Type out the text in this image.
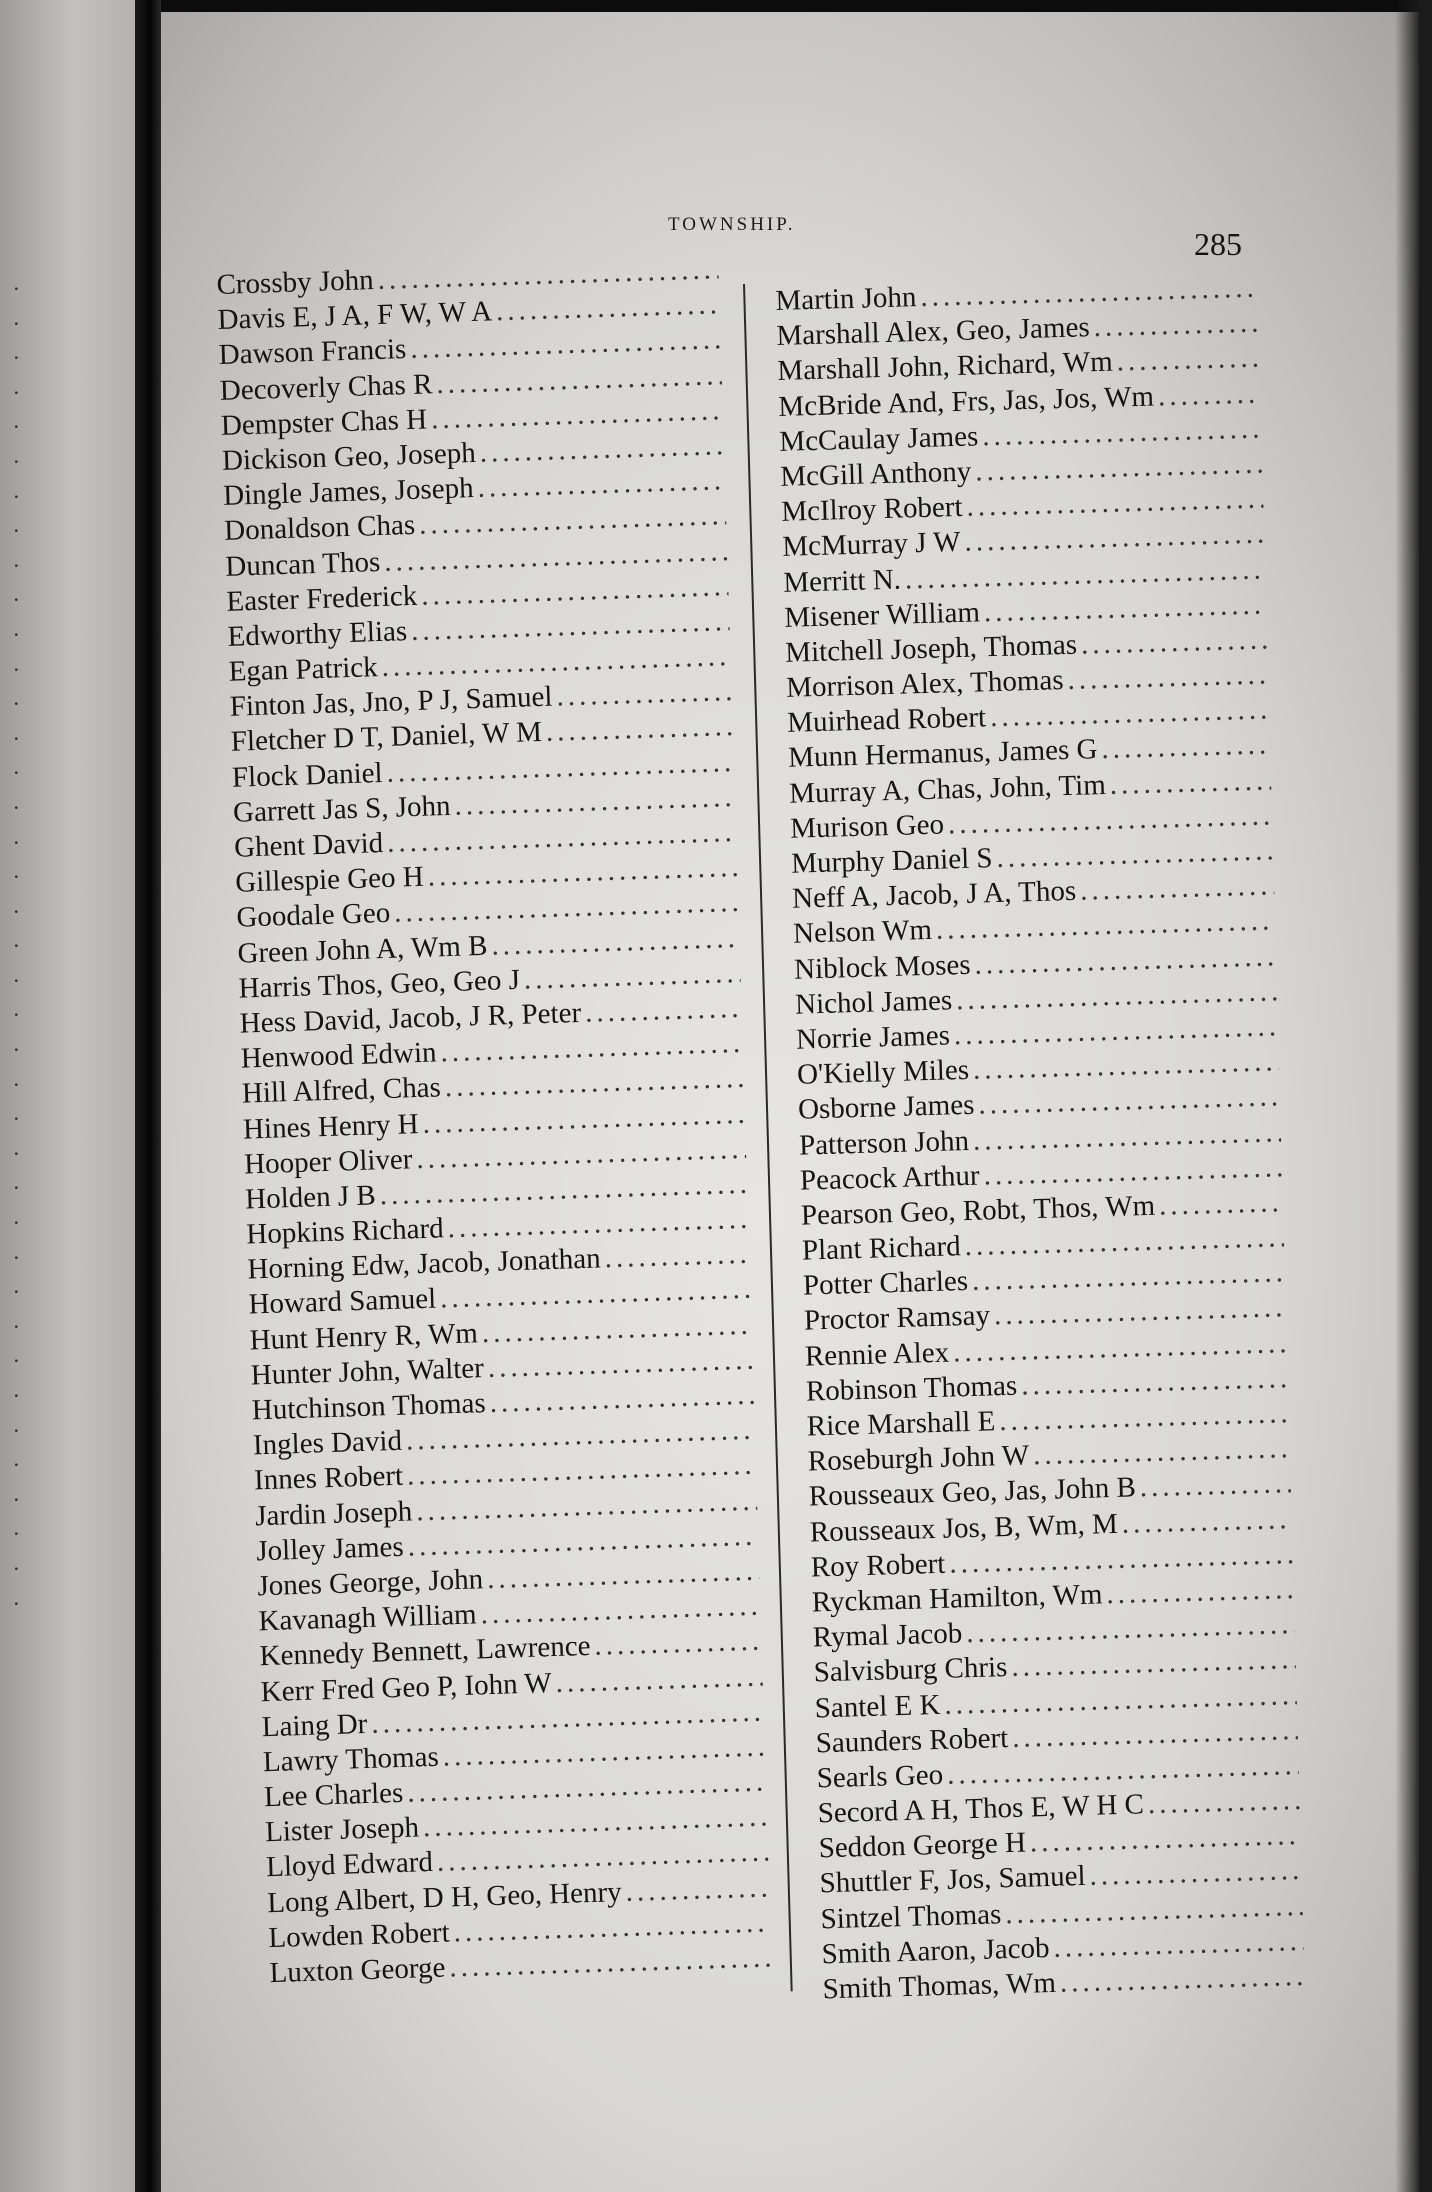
·
·
·
·
·
·
·
·
·
·
·
·
·
·
·
·
·
·
·
·
·
·
·
·
·
·
·
·
·
·
·
·
·
·
·
·
·
·
·
TOWNSHIP.
285
Crossby John
.....
Davis E, J A, F W, W A
.....
Dawson Francis
.....
Decoverly Chas R
.....
Dempster Chas H
.....
Dickison Geo, Joseph
.....
Dingle James, Joseph
.....
Donaldson Chas
.....
Duncan Thos
.....
Easter Frederick
.....
Edworthy Elias
.....
Egan Patrick
.....
Finton Jas, Jno, P J, Samuel
.....
Fletcher D T, Daniel, W M
.....
Flock Daniel
.....
Garrett Jas S, John
.....
Ghent David
.....
Gillespie Geo H
.....
Goodale Geo
.....
Green John A, Wm B
.....
Harris Thos, Geo, Geo J
.....
Hess David, Jacob, J R, Peter
.....
Henwood Edwin
.....
Hill Alfred, Chas
.....
Hines Henry H
.....
Hooper Oliver
.....
Holden J B
.....
Hopkins Richard
.....
Horning Edw, Jacob, Jonathan
.....
Howard Samuel
.....
Hunt Henry R, Wm
.....
Hunter John, Walter
.....
Hutchinson Thomas
.....
Ingles David
.....
Innes Robert
.....
Jardin Joseph
.....
Jolley James
.....
Jones George, John
.....
Kavanagh William
.....
Kennedy Bennett, Lawrence
.....
Kerr Fred Geo P, Iohn W
.....
Laing Dr
.....
Lawry Thomas
.....
Lee Charles
.....
Lister Joseph
.....
Lloyd Edward
.....
Long Albert, D H, Geo, Henry
.....
Lowden Robert
.....
Luxton George
.....
Martin John
.....
Marshall Alex, Geo, James
.....
Marshall John, Richard, Wm
.....
McBride And, Frs, Jas, Jos, Wm
.....
McCaulay James
.....
McGill Anthony
.....
McIlroy Robert
.....
McMurray J W
.....
Merritt N.
.....
Misener William
.....
Mitchell Joseph, Thomas
.....
Morrison Alex, Thomas
.....
Muirhead Robert
.....
Munn Hermanus, James G
.....
Murray A, Chas, John, Tim
.....
Murison Geo
.....
Murphy Daniel S
.....
Neff A, Jacob, J A, Thos
.....
Nelson Wm
.....
Niblock Moses
.....
Nichol James
.....
Norrie James
.....
O'Kielly Miles
.....
Osborne James
.....
Patterson John
.....
Peacock Arthur
.....
Pearson Geo, Robt, Thos, Wm
.....
Plant Richard
.....
Potter Charles
.....
Proctor Ramsay
.....
Rennie Alex
.....
Robinson Thomas
.....
Rice Marshall E
.....
Roseburgh John W
.....
Rousseaux Geo, Jas, John B
.....
Rousseaux Jos, B, Wm, M
.....
Roy Robert
.....
Ryckman Hamilton, Wm
.....
Rymal Jacob
.....
Salvisburg Chris
.....
Santel E K
.....
Saunders Robert
.....
Searls Geo
.....
Secord A H, Thos E, W H C
.....
Seddon George H
.....
Shuttler F, Jos, Samuel
.....
Sintzel Thomas
.....
Smith Aaron, Jacob
.....
Smith Thomas, Wm
.....
